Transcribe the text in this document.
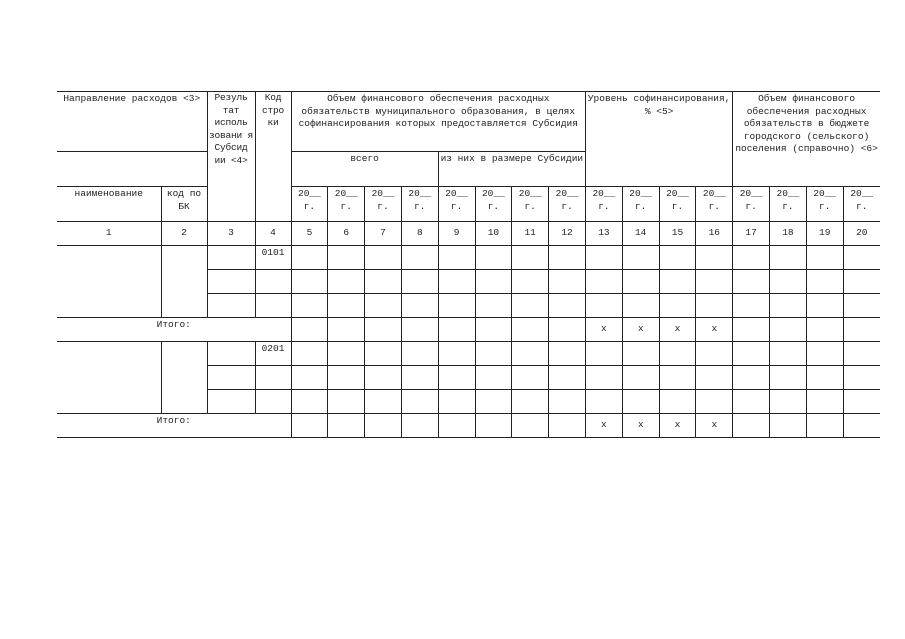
Направление расходов <3>		Резуль тат исполь зовани я Субсид ии <4>	Код стро ки	Объем финансового обеспечения расходных обязательств муниципального образования, в целях софинансирования которых предоставляется Субсидия								Уровень софинансирования, % <5>				Объем финансового обеспечения расходных обязательств в бюджете городского (сельского) поселения (справочно) <6>			
				всего				из них в размере Субсидии											
наименование	код по БК			20__ г.	20__ г.	20__ г.	20__ г.	20__ г.	20__ г.	20__ г.	20__ г.	20__ г.	20__ г.	20__ г.	20__ г.	20__ г.	20__ г.	20__ г.	20__ г.
1	2	3	4	5	6	7	8	9	10	11	12	13	14	15	16	17	18	19	20
			0101																

Итого:												x	x	x	x				
			0201																

Итого:												x	x	x	x				
